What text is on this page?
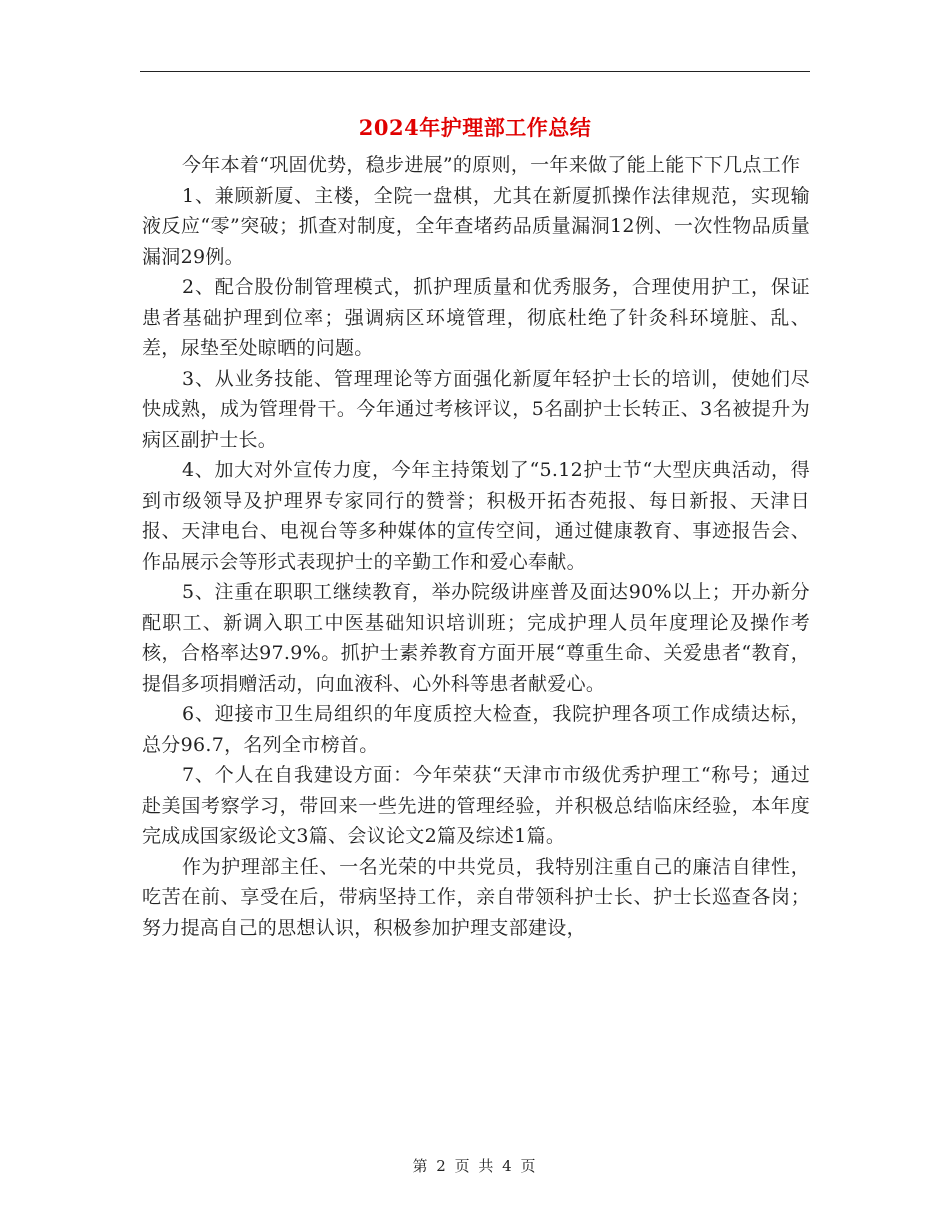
2024年护理部工作总结

今年本着“巩固优势，稳步进展”的原则，一年来做了能上能下下几点工作

1、兼顾新厦、主楼，全院一盘棋，尤其在新厦抓操作法律规范，实现输液反应“零”突破；抓查对制度，全年查堵药品质量漏洞12例、一次性物品质量漏洞29例。

2、配合股份制管理模式，抓护理质量和优秀服务，合理使用护工，保证患者基础护理到位率；强调病区环境管理，彻底杜绝了针灸科环境脏、乱、差，尿垫至处晾晒的问题。

3、从业务技能、管理理论等方面强化新厦年轻护士长的培训，使她们尽快成熟，成为管理骨干。今年通过考核评议，5名副护士长转正、3名被提升为病区副护士长。

4、加大对外宣传力度，今年主持策划了“5.12护士节“大型庆典活动，得到市级领导及护理界专家同行的赞誉；积极开拓杏苑报、每日新报、天津日报、天津电台、电视台等多种媒体的宣传空间，通过健康教育、事迹报告会、作品展示会等形式表现护士的辛勤工作和爱心奉献。

5、注重在职职工继续教育，举办院级讲座普及面达90%以上；开办新分配职工、新调入职工中医基础知识培训班；完成护理人员年度理论及操作考核，合格率达97.9%。抓护士素养教育方面开展“尊重生命、关爱患者“教育，提倡多项捐赠活动，向血液科、心外科等患者献爱心。

6、迎接市卫生局组织的年度质控大检查，我院护理各项工作成绩达标，总分96.7，名列全市榜首。

7、个人在自我建设方面：今年荣获“天津市市级优秀护理工“称号；通过赴美国考察学习，带回来一些先进的管理经验，并积极总结临床经验，本年度完成成国家级论文3篇、会议论文2篇及综述1篇。

作为护理部主任、一名光荣的中共党员，我特别注重自己的廉洁自律性，吃苦在前、享受在后，带病坚持工作，亲自带领科护士长、护士长巡查各岗；努力提高自己的思想认识，积极参加护理支部建设，

第 2 页 共 4 页
